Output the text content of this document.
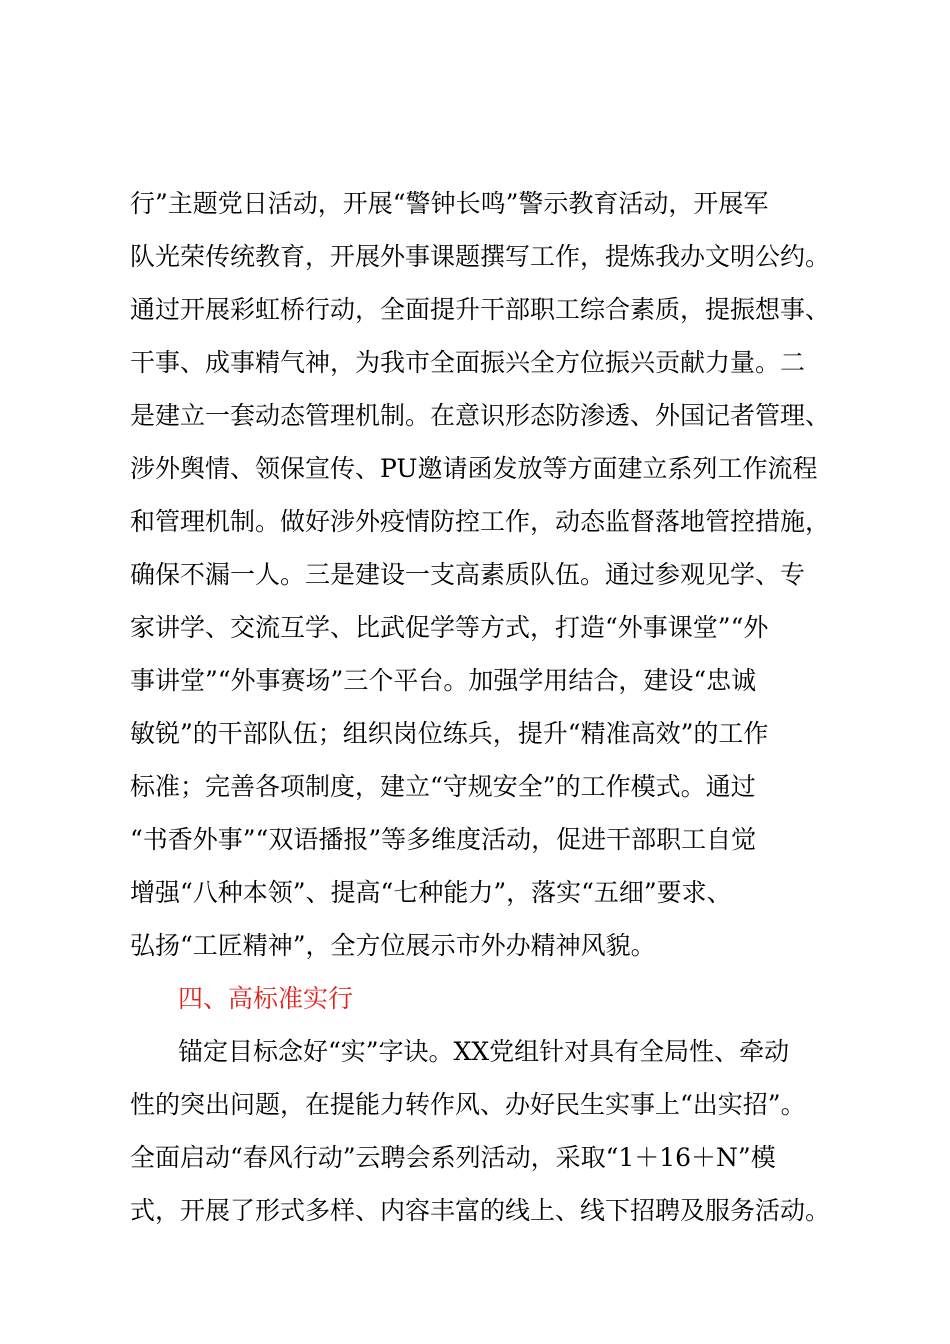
行”主题党日活动，开展“警钟长鸣”警示教育活动，开展军
队光荣传统教育，开展外事课题撰写工作，提炼我办文明公约。
通过开展彩虹桥行动，全面提升干部职工综合素质，提振想事、
干事、成事精气神，为我市全面振兴全方位振兴贡献力量。二
是建立一套动态管理机制。在意识形态防渗透、外国记者管理、
涉外舆情、领保宣传、PU邀请函发放等方面建立系列工作流程
和管理机制。做好涉外疫情防控工作，动态监督落地管控措施，
确保不漏一人。三是建设一支高素质队伍。通过参观见学、专
家讲学、交流互学、比武促学等方式，打造“外事课堂”“外
事讲堂”“外事赛场”三个平台。加强学用结合，建设“忠诚
敏锐”的干部队伍；组织岗位练兵，提升“精准高效”的工作
标准；完善各项制度，建立“守规安全”的工作模式。通过
“书香外事”“双语播报”等多维度活动，促进干部职工自觉
增强“八种本领”、提高“七种能力”，落实“五细”要求、
弘扬“工匠精神”，全方位展示市外办精神风貌。
四、高标准实行
锚定目标念好“实”字诀。XX党组针对具有全局性、牵动
性的突出问题，在提能力转作风、办好民生实事上“出实招”。
全面启动“春风行动”云聘会系列活动，采取“1＋16＋N”模
式，开展了形式多样、内容丰富的线上、线下招聘及服务活动。
